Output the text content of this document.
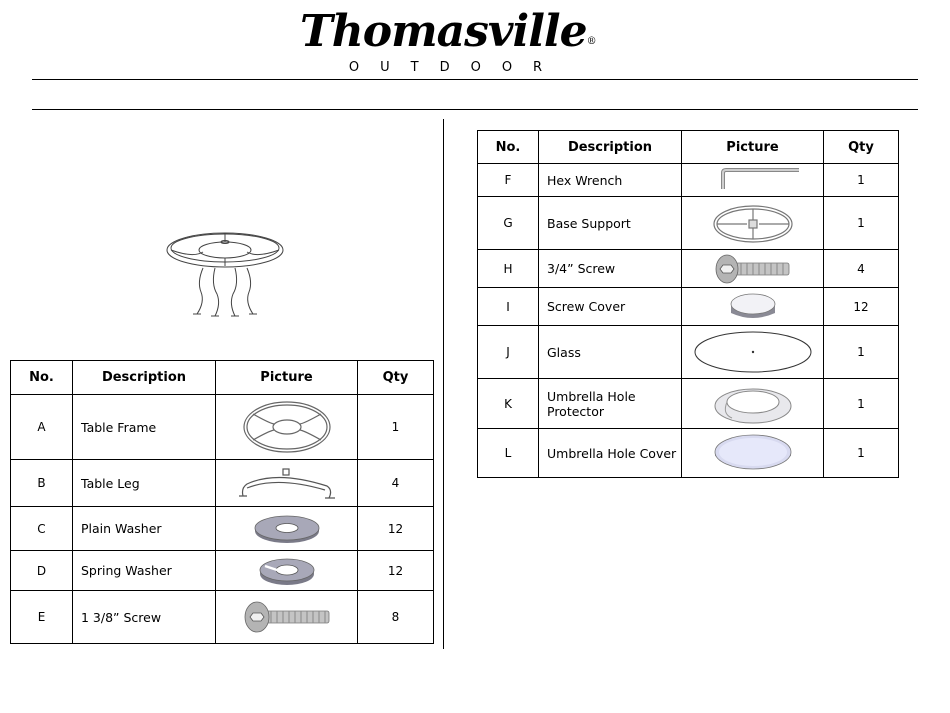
Thomasville®
OUTDOOR
No.	Description	Picture	Qty
A	Table Frame		1
B	Table Leg		4
C	Plain Washer		12
D	Spring Washer		12
E	1 3/8” Screw		8
No.	Description	Picture	Qty
F	Hex Wrench		1
G	Base Support		1
H	3/4” Screw		4
I	Screw Cover		12
J	Glass		1
K	Umbrella Hole Protector		1
L	Umbrella Hole Cover		1
